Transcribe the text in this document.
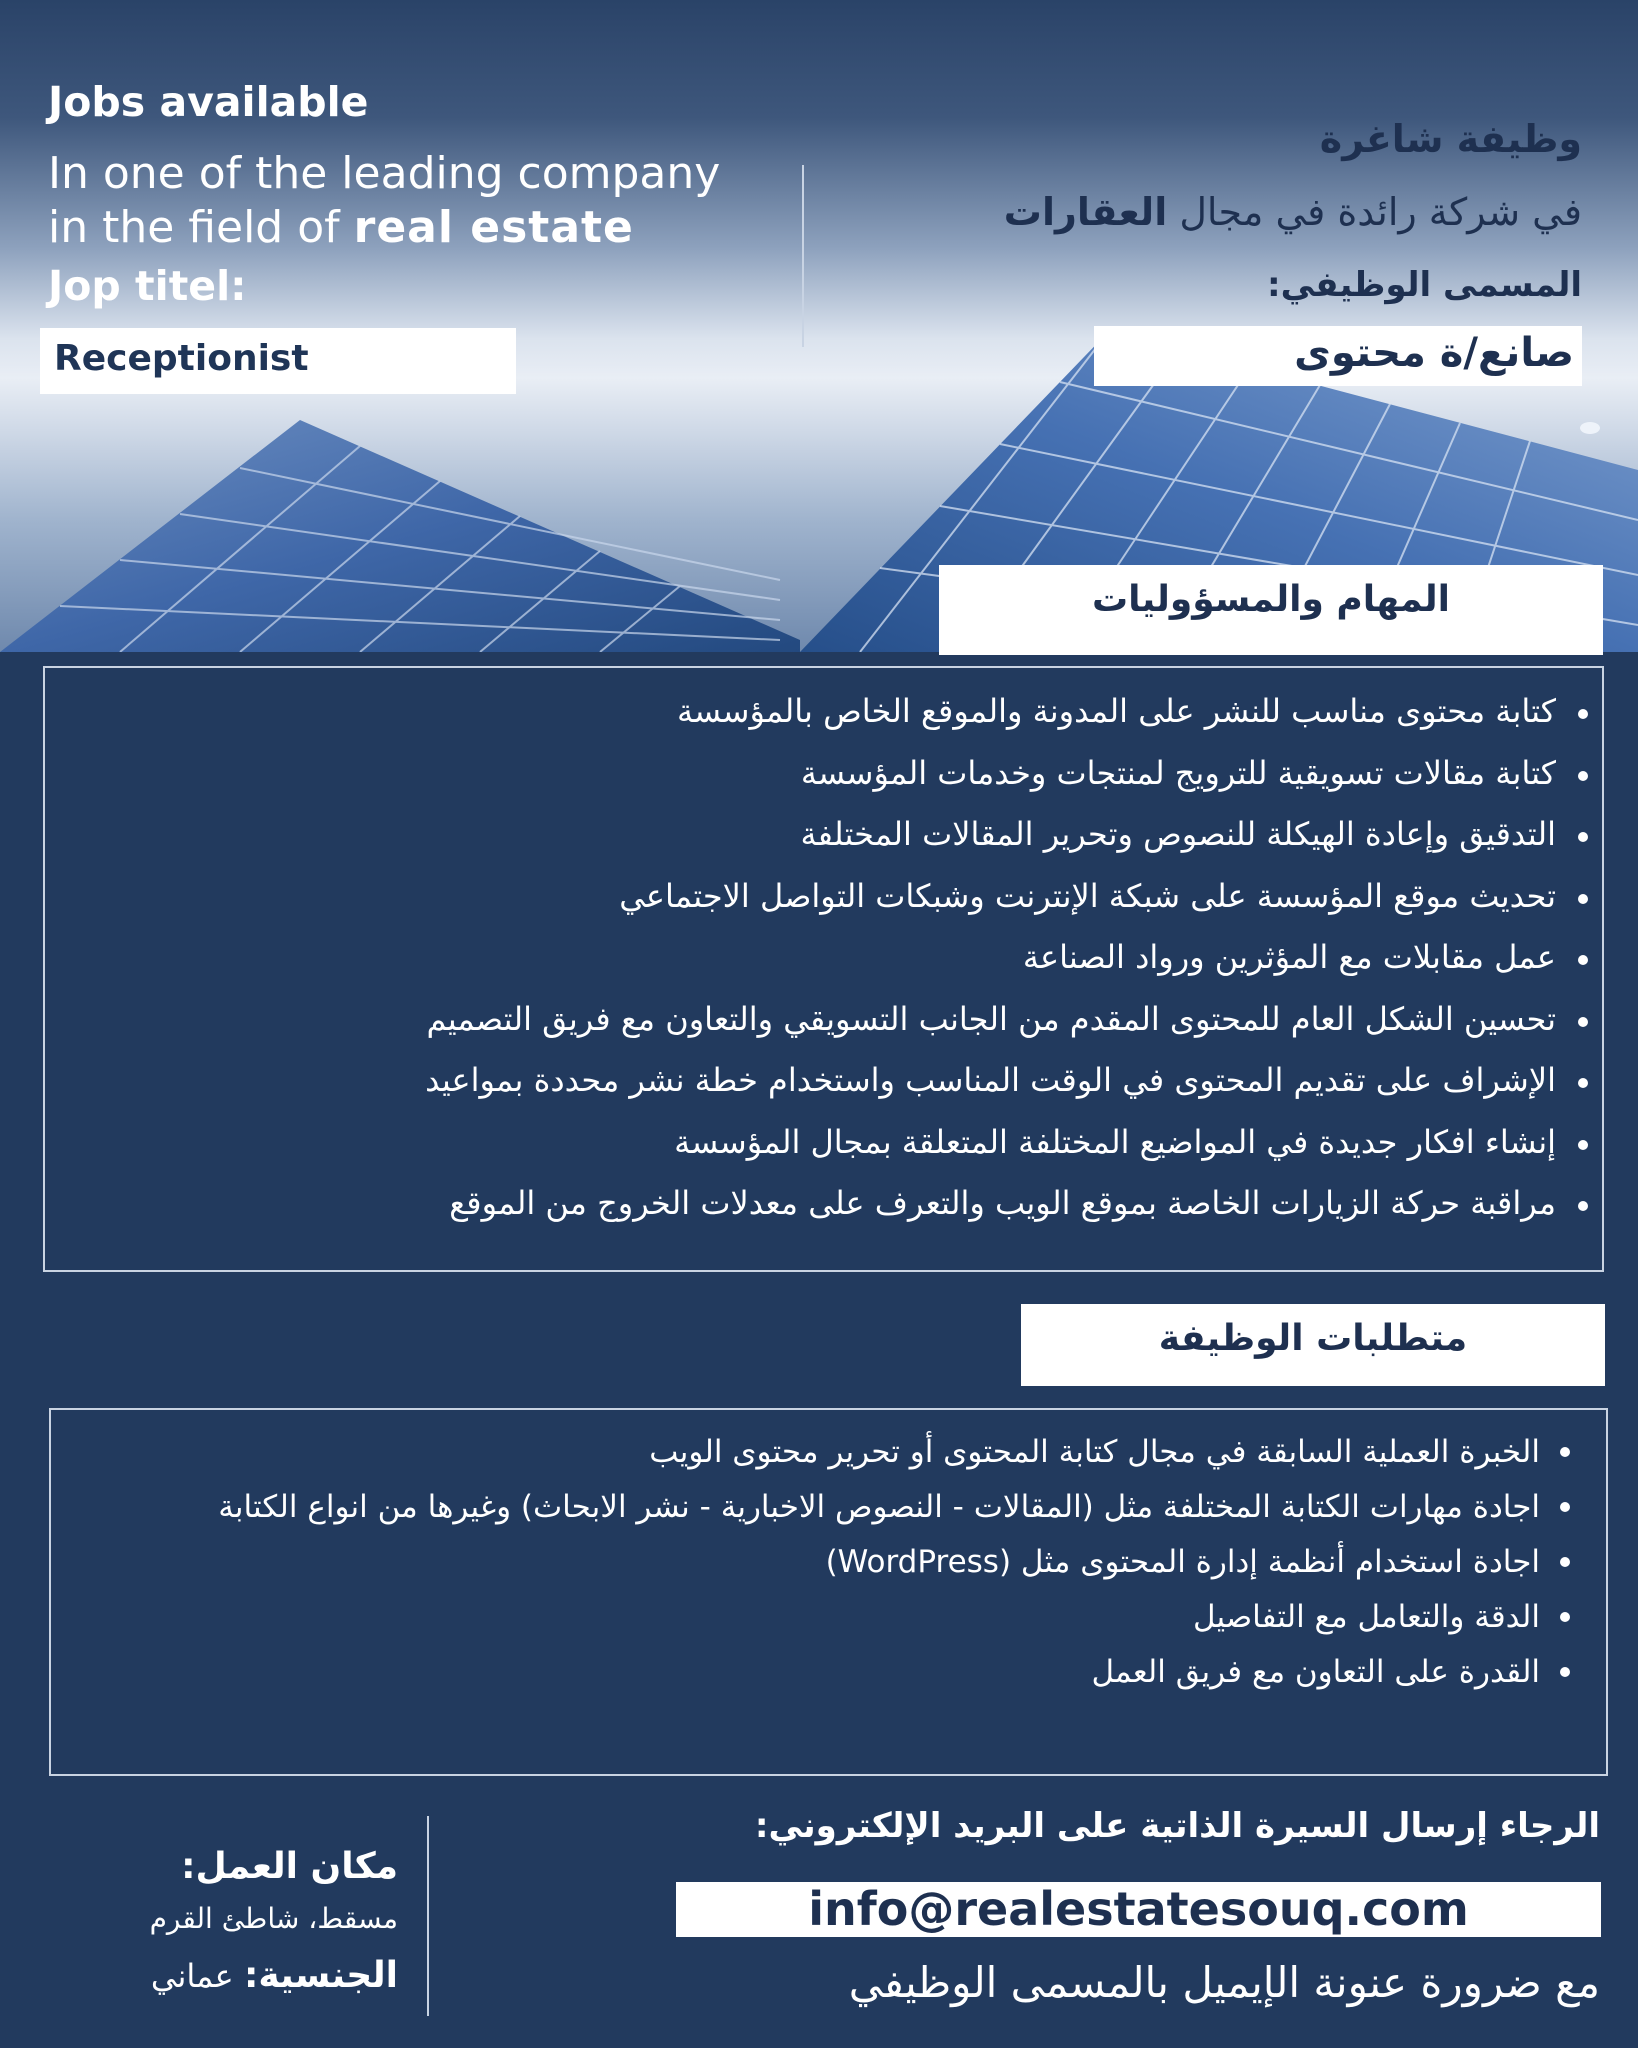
Jobs available
In one of the leading company
in the field of real estate
Jop titel:
Receptionist
وظيفة شاغرة
في شركة رائدة في مجال العقارات
المسمى الوظيفي:
صانع/ة محتوى
المهام والمسؤوليات
كتابة محتوى مناسب للنشر على المدونة والموقع الخاص بالمؤسسة
كتابة مقالات تسويقية للترويج لمنتجات وخدمات المؤسسة
التدقيق وإعادة الهيكلة للنصوص وتحرير المقالات المختلفة
تحديث موقع المؤسسة على شبكة الإنترنت وشبكات التواصل الاجتماعي
عمل مقابلات مع المؤثرين ورواد الصناعة
تحسين الشكل العام للمحتوى المقدم من الجانب التسويقي والتعاون مع فريق التصميم
الإشراف على تقديم المحتوى في الوقت المناسب واستخدام خطة نشر محددة بمواعيد
إنشاء افكار جديدة في المواضيع المختلفة المتعلقة بمجال المؤسسة
مراقبة حركة الزيارات الخاصة بموقع الويب والتعرف على معدلات الخروج من الموقع
متطلبات الوظيفة
الخبرة العملية السابقة في مجال كتابة المحتوى أو تحرير محتوى الويب
اجادة مهارات الكتابة المختلفة مثل (المقالات - النصوص الاخبارية - نشر الابحاث) وغيرها من انواع الكتابة
اجادة استخدام أنظمة إدارة المحتوى مثل (WordPress)
الدقة والتعامل مع التفاصيل
القدرة على التعاون مع فريق العمل
الرجاء إرسال السيرة الذاتية على البريد الإلكتروني:
info@realestatesouq.com
مع ضرورة عنونة الإيميل بالمسمى الوظيفي
مكان العمل:
مسقط، شاطئ القرم
الجنسية: عماني
